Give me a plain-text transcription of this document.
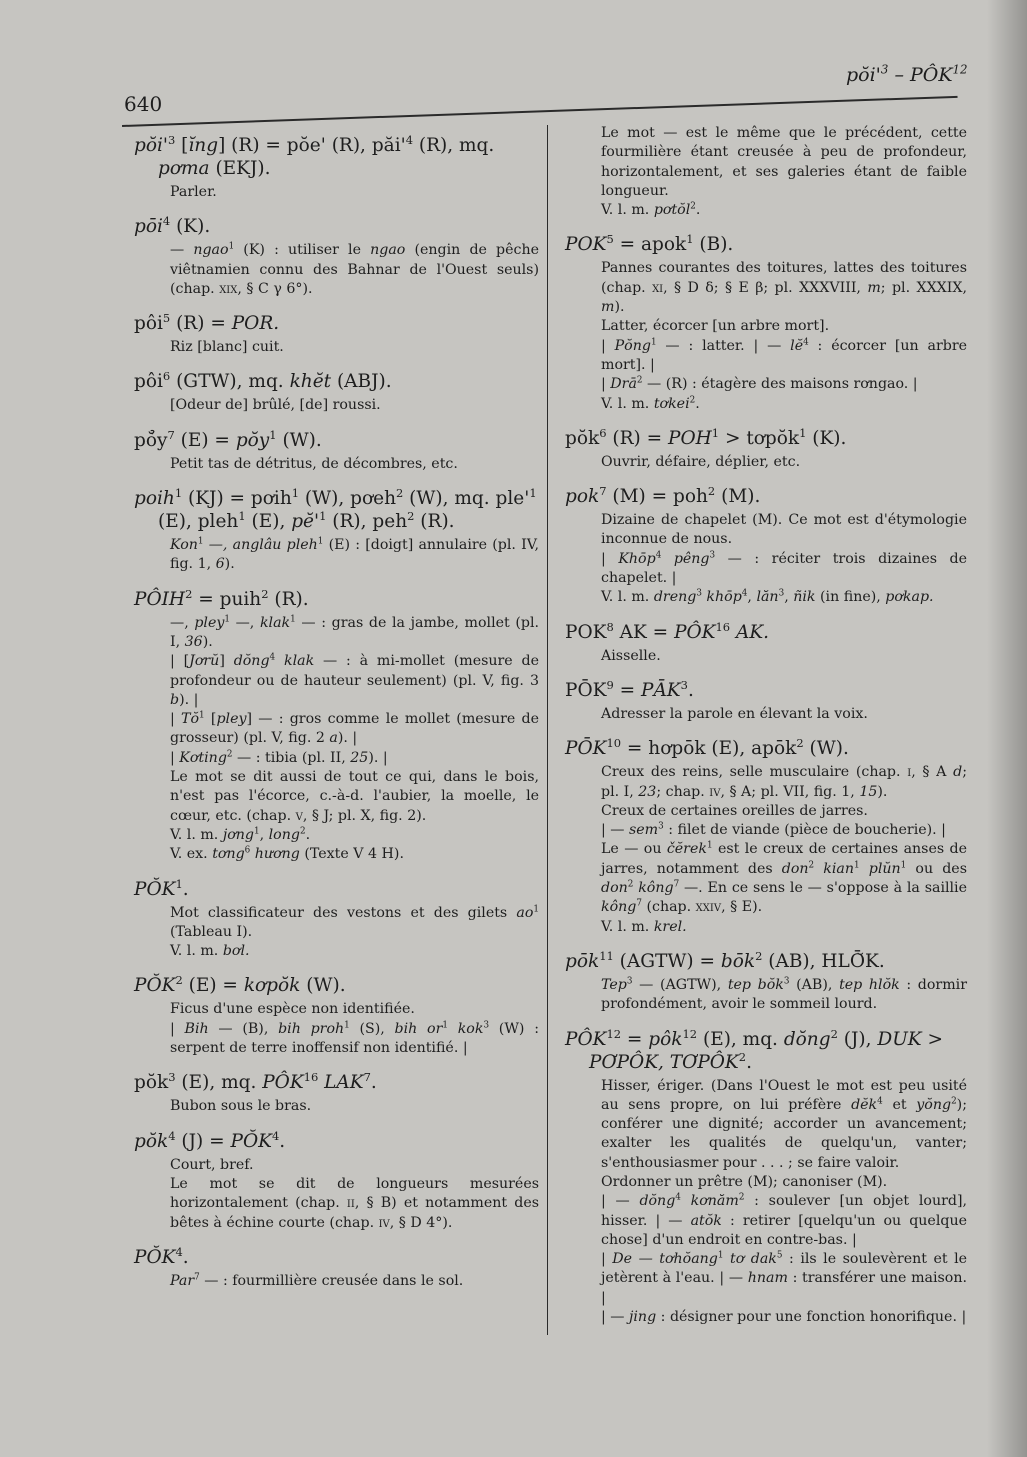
640
$pŏi'^3$ – PÔK$^{12}$

$pŏi'^3$ [ĭng] (R) = pŏe' (R), $păi'^4$ (R), mq. pơma (EKJ).

Parler.

pōi$^4$ (K).

— ngao$^1$ (K) : utiliser le ngao (engin de pêche viêtnamien connu des Bahnar de l'Ouest seuls) (chap. xix, § C γ 6°).

pôi$^5$ (R) = POR.

Riz [blanc] cuit.

pôi$^6$ (GTW), mq. khĕt (ABJ).

[Odeur de] brûlé, [de] roussi.

$pŏ̉y^7$ (E) = pŏy$^1$ (W).

Petit tas de détritus, de décombres, etc.

poih$^1$ (KJ) = pơih$^1$ (W), pơeh$^2$ (W), mq. $ple'^1$ (E), pleh$^1$ (E), $pĕ'^1$ (R), peh$^2$ (R).

Kon$^1$ —, anglâu pleh$^1$ (E) : [doigt] annulaire (pl. IV, fig. 1, 6).

$PÔIH^2$ = puih$^2$ (R).

—, pley$^1$ —, klak$^1$ — : gras de la jambe, mollet (pl. I, 36).

| [Jơrŭ] dŏng$^4$ klak — : à mi-mollet (mesure de profondeur ou de hauteur seulement) (pl. V, fig. 3 b). |

| $Tŏ^1$ [pley] — : gros comme le mollet (mesure de grosseur) (pl. V, fig. 2 a). |

| Kơting$^2$ — : tibia (pl. II, 25). |

Le mot se dit aussi de tout ce qui, dans le bois, n'est pas l'écorce, c.-à-d. l'aubier, la moelle, le cœur, etc. (chap. v, § J; pl. X, fig. 2).

V. l. m. jơng$^1$, long$^2$.

V. ex. tơng$^6$ hương (Texte V 4 H).

PŎK$^1$.

Mot classificateur des vestons et des gilets $ao^1$ (Tableau I).

V. l. m. bơl.

PŎK$^2$ (E) = kơpŏk (W).

Ficus d'une espèce non identifiée.

| Bih — (B), bih proh$^1$ (S), bih $or^1$ kok$^3$ (W) : serpent de terre inoffensif non identifié. |

pŏk$^3$ (E), mq. PÔK$^{16}$ LAK$^7$.

Bubon sous le bras.

pŏk$^4$ $(J) = PŎK^4$.

Court, bref.

Le mot se dit de longueurs mesurées horizontalement (chap. ii, § B) et notamment des bêtes à échine courte (chap. iv, § D 4°).

PŎK$^4$.

Par$^7$ — : fourmillière creusée dans le sol.

Le mot — est le même que le précédent, cette fourmilière étant creusée à peu de profondeur, horizontalement, et ses galeries étant de faible longueur.

V. l. m. pơtŏl$^2$.

$POK^5$ = apok$^1$ (B).

Pannes courantes des toitures, lattes des toitures (chap. xi, § D δ; § E β; pl. XXXVIII, m; pl. XXXIX, m).

Latter, écorcer [un arbre mort].

| Pŏng$^1$ — : latter. | — $lĕ^4$ : écorcer [un arbre mort]. |

| Drā$^2$ — (R) : étagère des maisons rơngao. |

V. l. m. tơkei$^2$.

pŏk$^6$ $(R) = POH^1$ > tơpŏk$^1$ (K).

Ouvrir, défaire, déplier, etc.

pok$^7$ (M) = poh$^2$ (M).

Dizaine de chapelet (M). Ce mot est d'étymologie inconnue de nous.

| Khōp$^4$ pêng$^3$ — : réciter trois dizaines de chapelet. |

V. l. m. dreng$^3$ khōp$^4$, lăn$^3$, ñik (in fine), pơkap.

POK$^8$ AK = $PÔK^{16}$ AK.

Aisselle.

$PŌK^9$ = $PĀK^3$.

Adresser la parole en élevant la voix.

$PŌK^{10}$ = hơpōk (E), apōk$^2$ (W).

Creux des reins, selle musculaire (chap. i, § A d; pl. I, 23; chap. iv, § A; pl. VII, fig. 1, 15).

Creux de certaines oreilles de jarres.

| — sem$^3$ : filet de viande (pièce de boucherie). |

Le — ou čĕrek$^1$ est le creux de certaines anses de jarres, notamment des don$^2$ kian$^1$ plŭn$^1$ ou des don$^2$ kông$^7$ —. En ce sens le — s'oppose à la saillie kông$^7$ (chap. xxiv, § E).

V. l. m. krel.

pōk$^{11}$ (AGTW) = bōk$^2$ (AB), HLŌ̆K.

Tep$^3$ — (AGTW), tep bŏk$^3$ (AB), tep hlŏk : dormir profondément, avoir le sommeil lourd.

$PÔK^{12}$ = pôk$^{12}$ (E), mq. dŏng$^2$ (J), DUK > PƠPÔK, TƠPÔK$^2$.

Hisser, ériger. (Dans l'Ouest le mot est peu usité au sens propre, on lui préfère dĕk$^4$ et yŏng$^2$); conférer une dignité; accorder un avancement; exalter les qualités de quelqu'un, vanter; s'enthousiasmer pour . . . ; se faire valoir.

Ordonner un prêtre (M); canoniser (M).

| — dŏng$^4$ kơnăm$^2$ : soulever [un objet lourd], hisser. | — atŏk : retirer [quelqu'un ou quelque chose] d'un endroit en contre-bas. |

| De — tơhŏang$^1$ tơ dak$^5$ : ils le soulevèrent et le jetèrent à l'eau. | — hnam : transférer une maison. |

| — jing : désigner pour une fonction honorifique. |
